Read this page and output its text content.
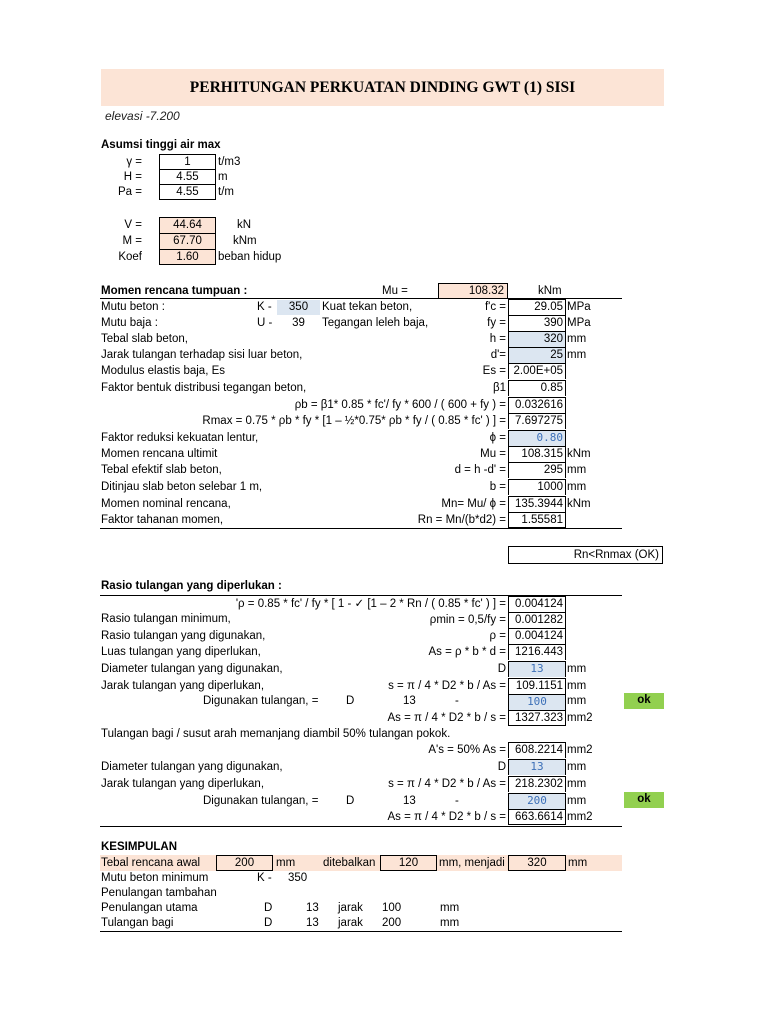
PERHITUNGAN PERKUATAN DINDING GWT (1) SISI
elevasi -7.200
Asumsi tinggi air max
γ =	1	t/m3
H =	4.55	m
Pa =	4.55	t/m
V =	44.64	kN
M =	67.70	kNm
Koef	1.60	beban hidup
Momen rencana tumpuan :	Mu =	108.32	kNm
Mutu beton :	K -	350	Kuat tekan beton,	f'c =	29.05 MPa
Mutu baja :	U -	39	Tegangan leleh baja,	fy =	390 MPa
Tebal slab beton,	h =	320 mm
Jarak tulangan terhadap sisi luar beton,	d'=	25 mm
Modulus elastis baja, Es	Es = 2.00E+05
Faktor bentuk distribusi tegangan beton,	β1	0.85
ρb = β1* 0.85 * fc'/ fy * 600 / ( 600 + fy ) = 0.032616
Rmax = 0.75 * ρb * fy * [1 – ½*0.75* ρb * fy / ( 0.85 * fc' ) ] = 7.697275
Faktor reduksi kekuatan lentur,	ϕ =	0.80
Momen rencana ultimit	Mu =	108.315 kNm
Tebal efektif slab beton,	d = h -d' =	295 mm
Ditinjau slab beton selebar 1 m,	b =	1000 mm
Momen nominal rencana,	Mn= Mu/ ϕ = 135.3944 kNm
Faktor tahanan momen,	Rn = Mn/(b*d2) =	1.55581
Rn<Rnmax (OK)
Rasio tulangan yang diperlukan :
'ρ = 0.85 * fc' / fy * [ 1 - ✓ [1 – 2 * Rn / ( 0.85 * fc' ) ] = 0.004124
Rasio tulangan minimum,	ρmin = 0,5/fy = 0.001282
Rasio tulangan yang digunakan,	ρ = 0.004124
Luas tulangan yang diperlukan,	As = ρ * b * d = 1216.443
Diameter tulangan yang digunakan,	D	13	mm
Jarak tulangan yang diperlukan,	s = π / 4 * D2 * b / As = 109.1151 mm
Digunakan tulangan, = D	13	-	100	mm	ok
As = π / 4 * D2 * b / s = 1327.323 mm2
Tulangan bagi / susut arah memanjang diambil 50% tulangan pokok.
A's = 50% As = 608.2214 mm2
Diameter tulangan yang digunakan,	D	13	mm
Jarak tulangan yang diperlukan,	s = π / 4 * D2 * b / As = 218.2302 mm
Digunakan tulangan, = D	13	-	200	mm	ok
As = π / 4 * D2 * b / s = 663.6614 mm2
KESIMPULAN
Tebal rencana awal	200	mm ditebalkan	120	mm, menjadi	320	mm
Mutu beton minimum	K - 350
Penulangan tambahan
Penulangan utama	D	13 jarak 100	mm
Tulangan bagi	D	13 jarak 200	mm
